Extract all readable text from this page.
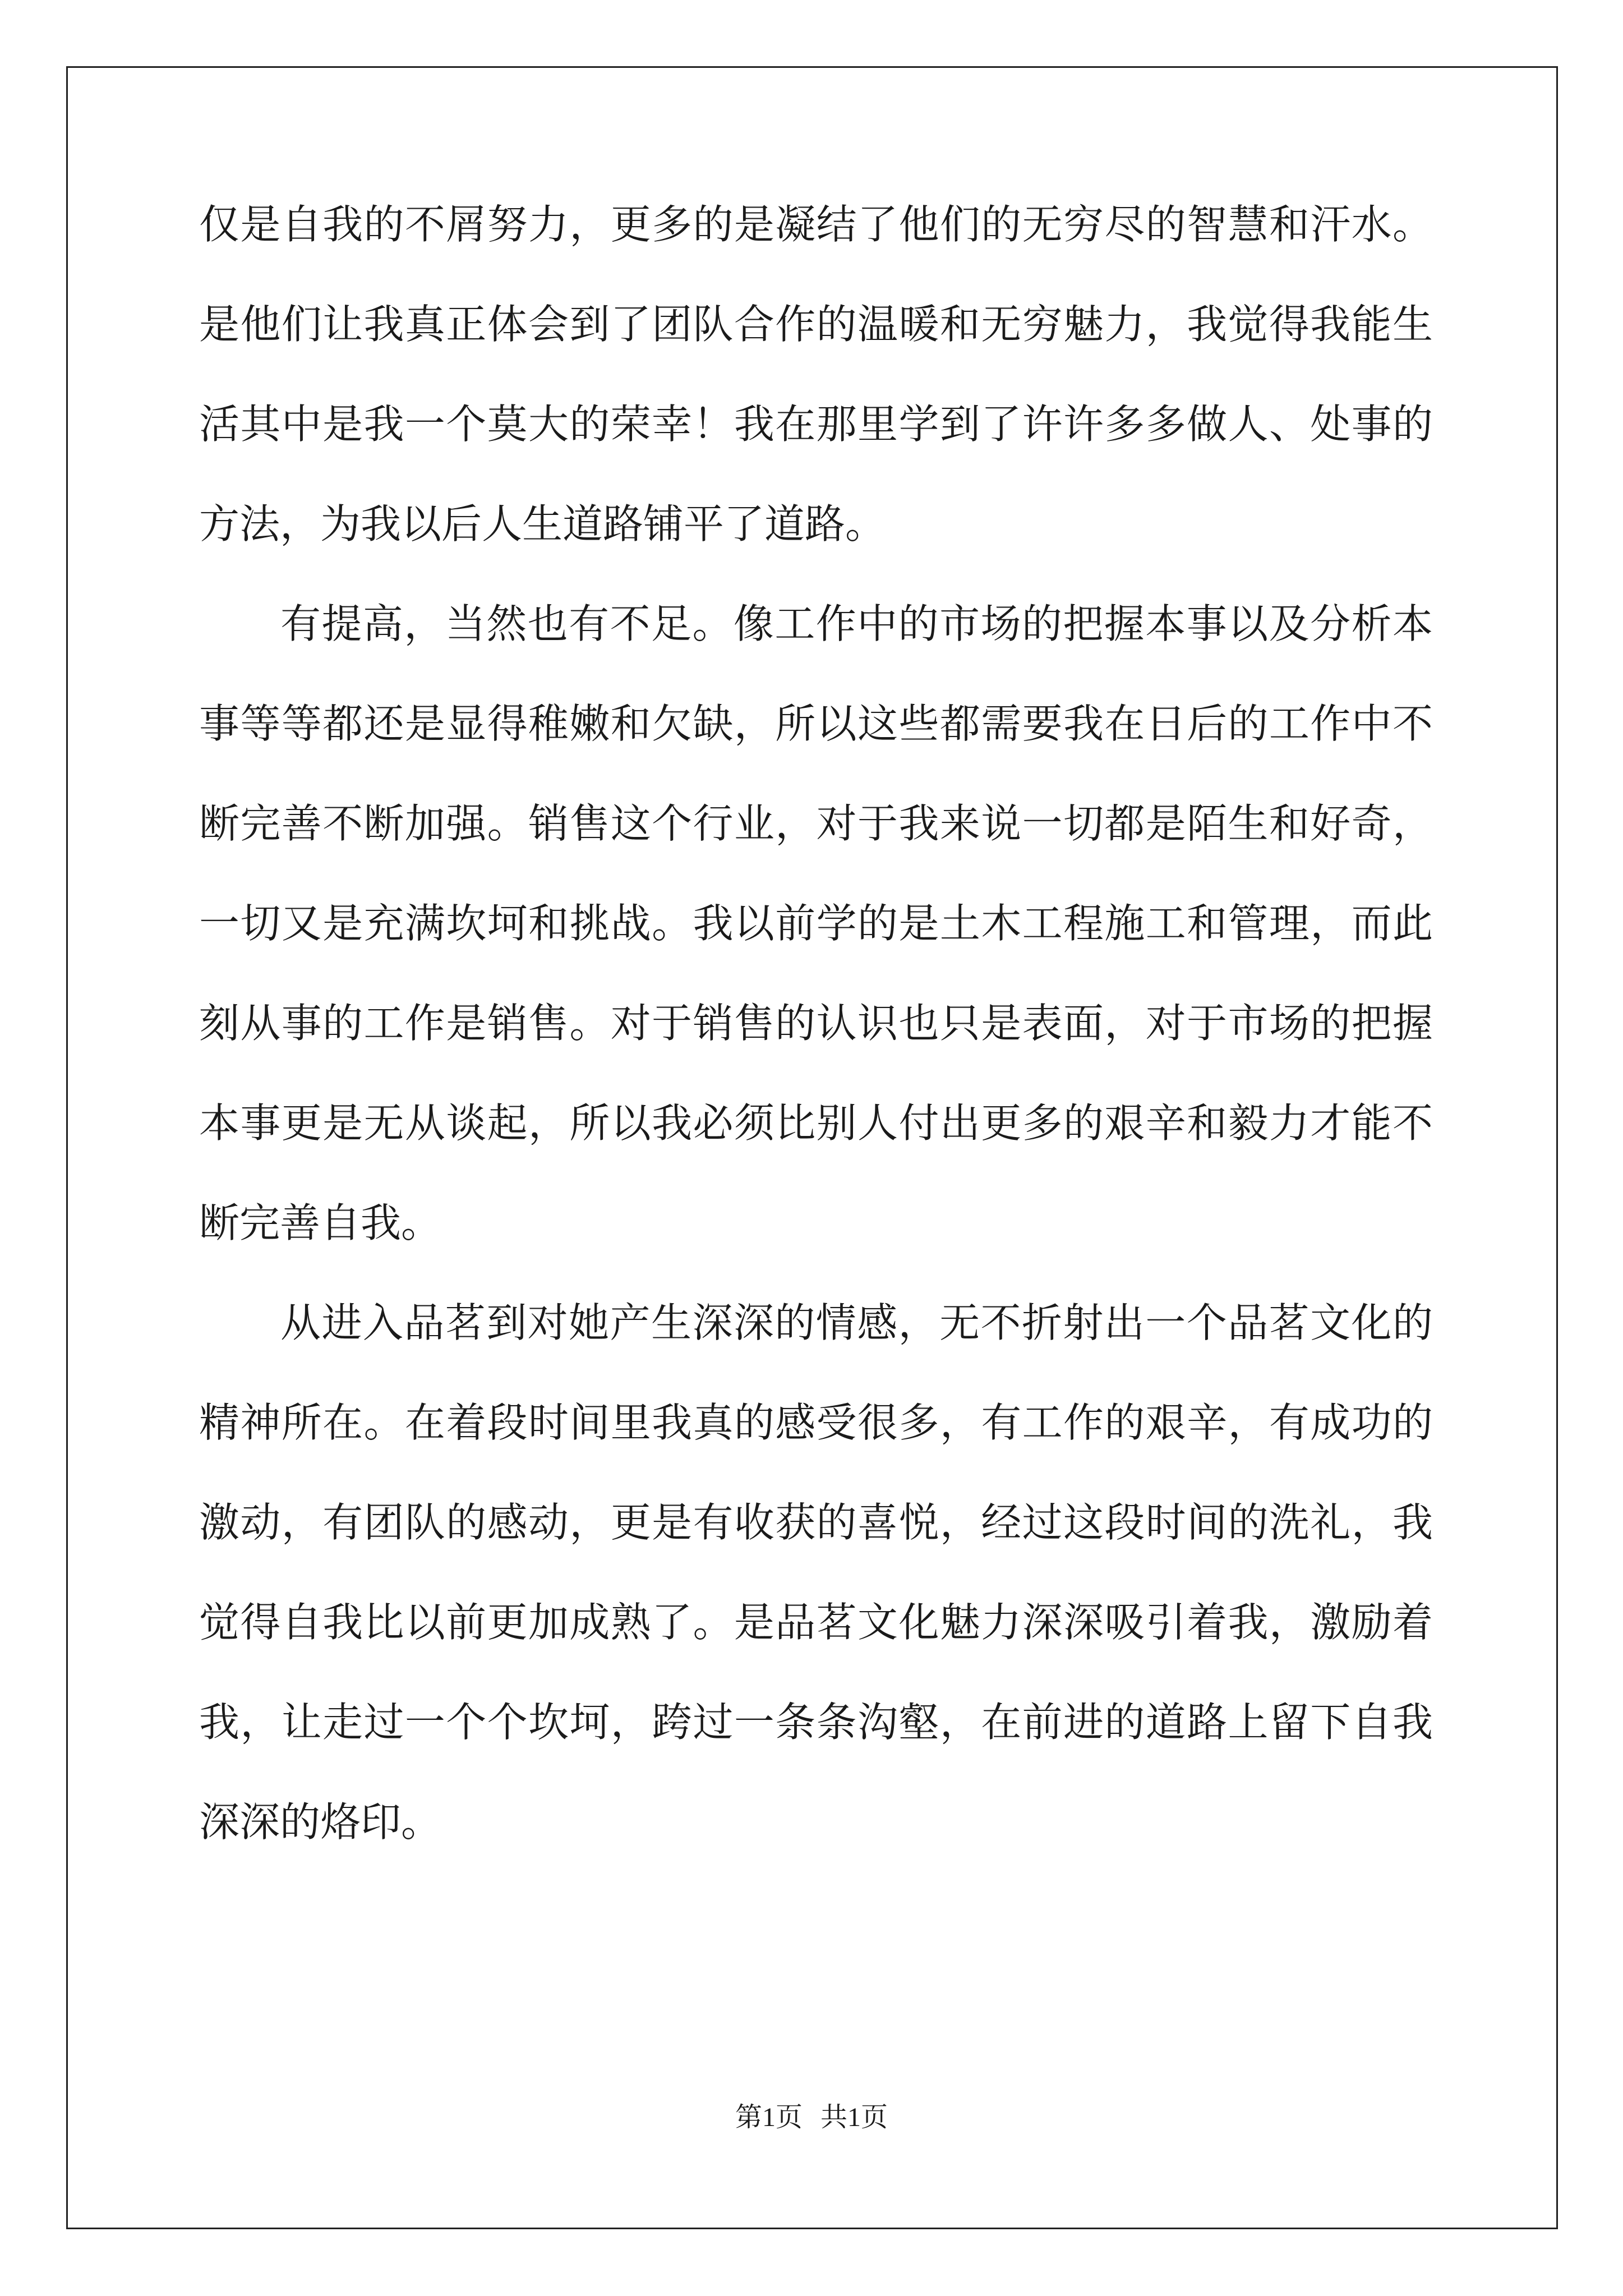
仅是自我的不屑努力，更多的是凝结了他们的无穷尽的智慧和汗水。
是他们让我真正体会到了团队合作的温暖和无穷魅力，我觉得我能生
活其中是我一个莫大的荣幸！我在那里学到了许许多多做人、处事的
方法，为我以后人生道路铺平了道路。
有提高，当然也有不足。像工作中的市场的把握本事以及分析本
事等等都还是显得稚嫩和欠缺，所以这些都需要我在日后的工作中不
断完善不断加强。销售这个行业，对于我来说一切都是陌生和好奇，
一切又是充满坎坷和挑战。我以前学的是土木工程施工和管理，而此
刻从事的工作是销售。对于销售的认识也只是表面，对于市场的把握
本事更是无从谈起，所以我必须比别人付出更多的艰辛和毅力才能不
断完善自我。
从进入品茗到对她产生深深的情感，无不折射出一个品茗文化的
精神所在。在着段时间里我真的感受很多，有工作的艰辛，有成功的
激动，有团队的感动，更是有收获的喜悦，经过这段时间的洗礼，我
觉得自我比以前更加成熟了。是品茗文化魅力深深吸引着我，激励着
我，让走过一个个坎坷，跨过一条条沟壑，在前进的道路上留下自我
深深的烙印。
第1页 共1页
